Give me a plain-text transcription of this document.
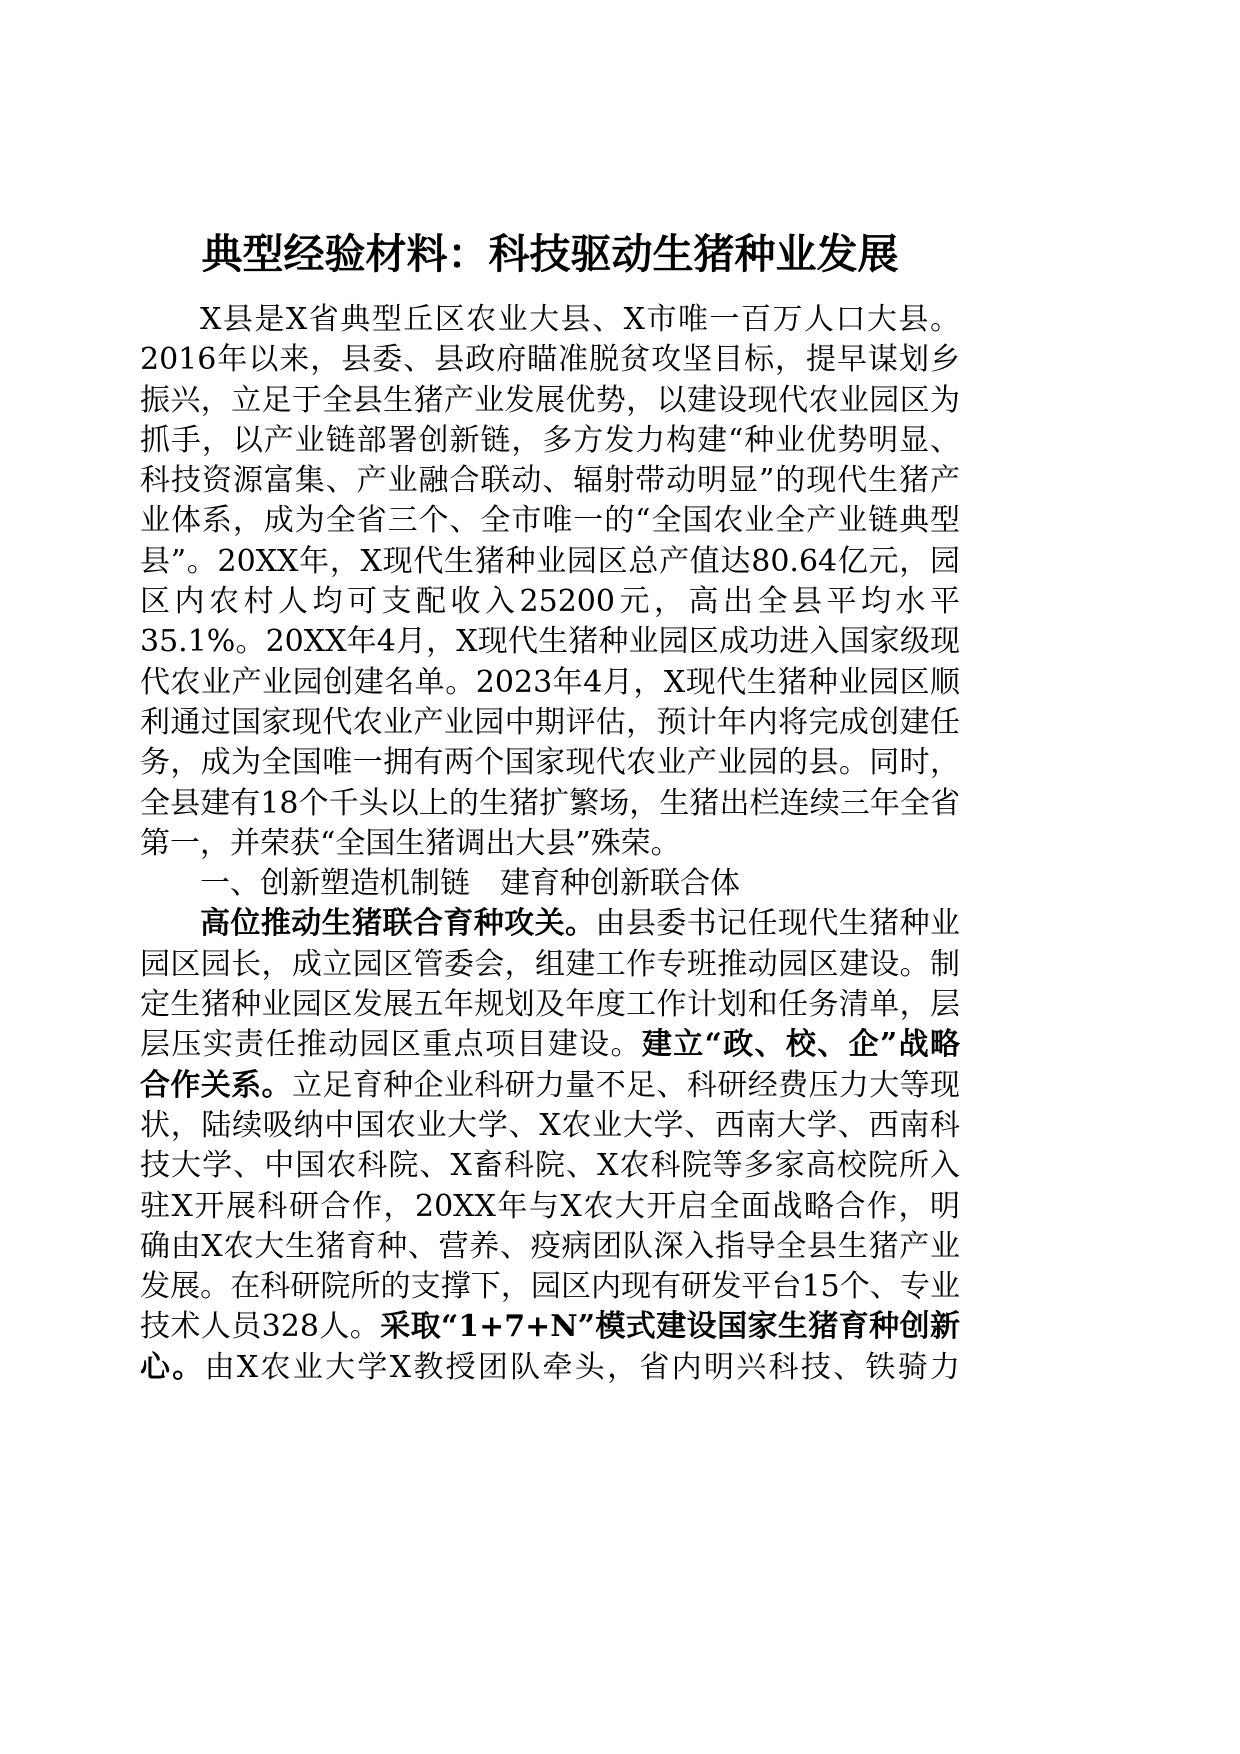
典型经验材料：科技驱动生猪种业发展
X县是X省典型丘区农业大县、X市唯一百万人口大县。
2016年以来，县委、县政府瞄准脱贫攻坚目标，提早谋划乡
振兴，立足于全县生猪产业发展优势，以建设现代农业园区为
抓手，以产业链部署创新链，多方发力构建“种业优势明显、
科技资源富集、产业融合联动、辐射带动明显”的现代生猪产
业体系，成为全省三个、全市唯一的“全国农业全产业链典型
县”。20XX年，X现代生猪种业园区总产值达80.64亿元，园
区内农村人均可支配收入25200元，高出全县平均水平
35.1%。20XX年4月，X现代生猪种业园区成功进入国家级现
代农业产业园创建名单。2023年4月，X现代生猪种业园区顺
利通过国家现代农业产业园中期评估，预计年内将完成创建任
务，成为全国唯一拥有两个国家现代农业产业园的县。同时，
全县建有18个千头以上的生猪扩繁场，生猪出栏连续三年全省
第一，并荣获“全国生猪调出大县”殊荣。
一、创新塑造机制链　建育种创新联合体
高位推动生猪联合育种攻关。由县委书记任现代生猪种业
园区园长，成立园区管委会，组建工作专班推动园区建设。制
定生猪种业园区发展五年规划及年度工作计划和任务清单，层
层压实责任推动园区重点项目建设。建立“政、校、企”战略
合作关系。立足育种企业科研力量不足、科研经费压力大等现
状，陆续吸纳中国农业大学、X农业大学、西南大学、西南科
技大学、中国农科院、X畜科院、X农科院等多家高校院所入
驻X开展科研合作，20XX年与X农大开启全面战略合作，明
确由X农大生猪育种、营养、疫病团队深入指导全县生猪产业
发展。在科研院所的支撑下，园区内现有研发平台15个、专业
技术人员328人。采取“1+7+N”模式建设国家生猪育种创新
心。由X农业大学X教授团队牵头，省内明兴科技、铁骑力
